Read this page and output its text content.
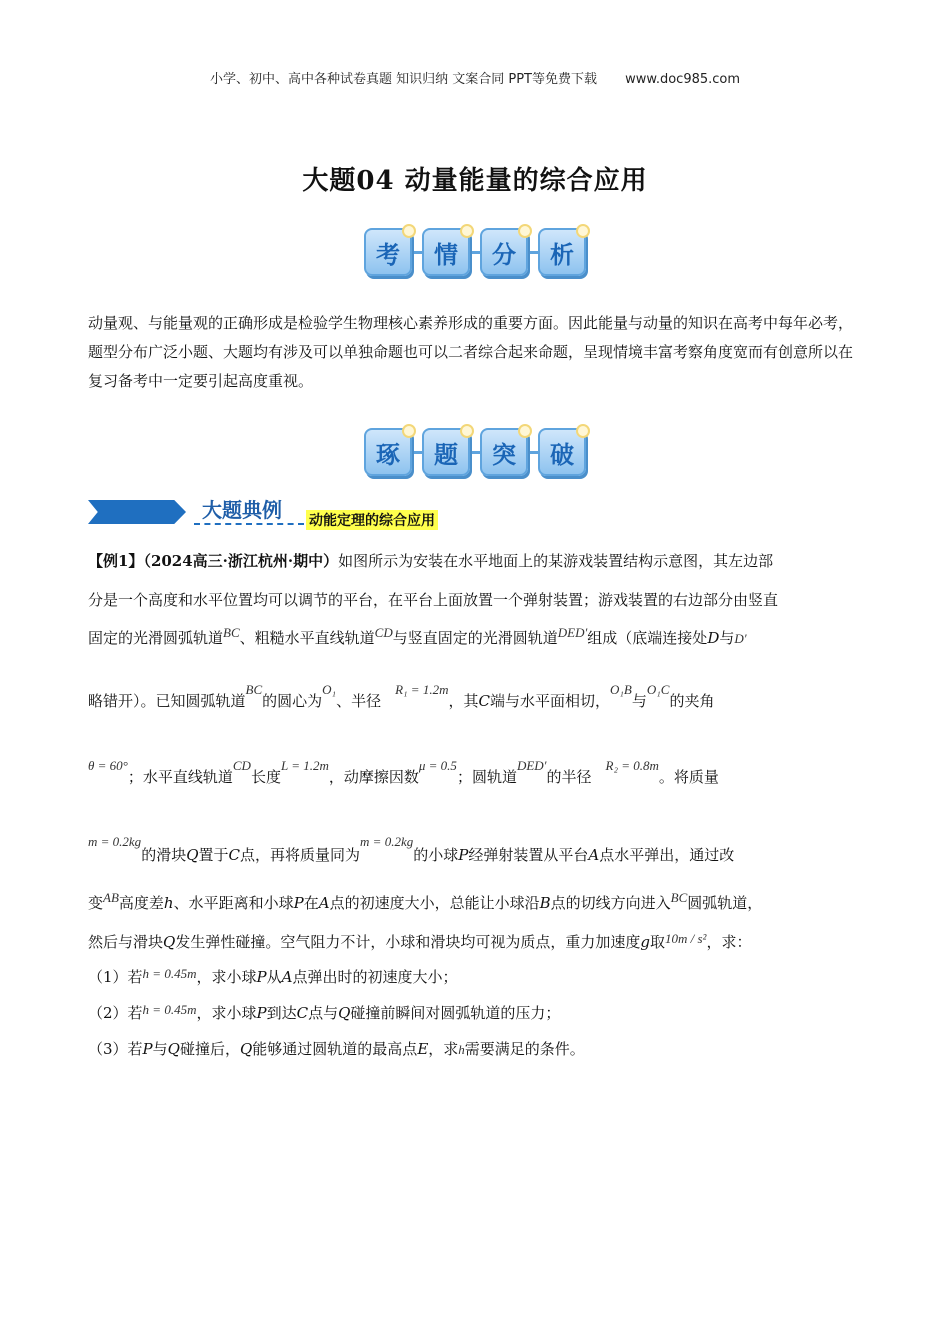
小学、初中、高中各种试卷真题 知识归纳 文案合同 PPT等免费下载 www.doc985.com
大题04 动量能量的综合应用
考	情	分	析
动量观、与能量观的正确形成是检验学生物理核心素养形成的重要方面。因此能量与动量的知识在高考中每年必考，题型分布广泛小题、大题均有涉及可以单独命题也可以二者综合起来命题，呈现情境丰富考察角度宽而有创意所以在复习备考中一定要引起高度重视。
琢	题	突	破
大题典例 动能定理的综合应用
【例1】（2024高三·浙江杭州·期中）如图所示为安装在水平地面上的某游戏装置结构示意图，其左边部
分是一个高度和水平位置均可以调节的平台，在平台上面放置一个弹射装置；游戏装置的右边部分由竖直
固定的光滑圆弧轨道BC、粗糙水平直线轨道CD与竖直固定的光滑圆轨道DED′组成（底端连接处D与D′
略错开）。已知圆弧轨道BC的圆心为O₁、半径R₁ = 1.2m，其C端与水平面相切，O₁B与O₁C的夹角
θ = 60°；水平直线轨道CD长度L = 1.2m，动摩擦因数μ = 0.5；圆轨道DED′的半径R₂ = 0.8m。将质量
m = 0.2kg的滑块Q置于C点，再将质量同为m = 0.2kg的小球P经弹射装置从平台A点水平弹出，通过改
变AB高度差h、水平距离和小球P在A点的初速度大小，总能让小球沿B点的切线方向进入BC圆弧轨道，
然后与滑块Q发生弹性碰撞。空气阻力不计，小球和滑块均可视为质点，重力加速度g取10m / s²，求：
（1）若h = 0.45m，求小球P从A点弹出时的初速度大小；
（2）若h = 0.45m，求小球P到达C点与Q碰撞前瞬间对圆弧轨道的压力；
（3）若P与Q碰撞后，Q能够通过圆轨道的最高点E，求h需要满足的条件。
